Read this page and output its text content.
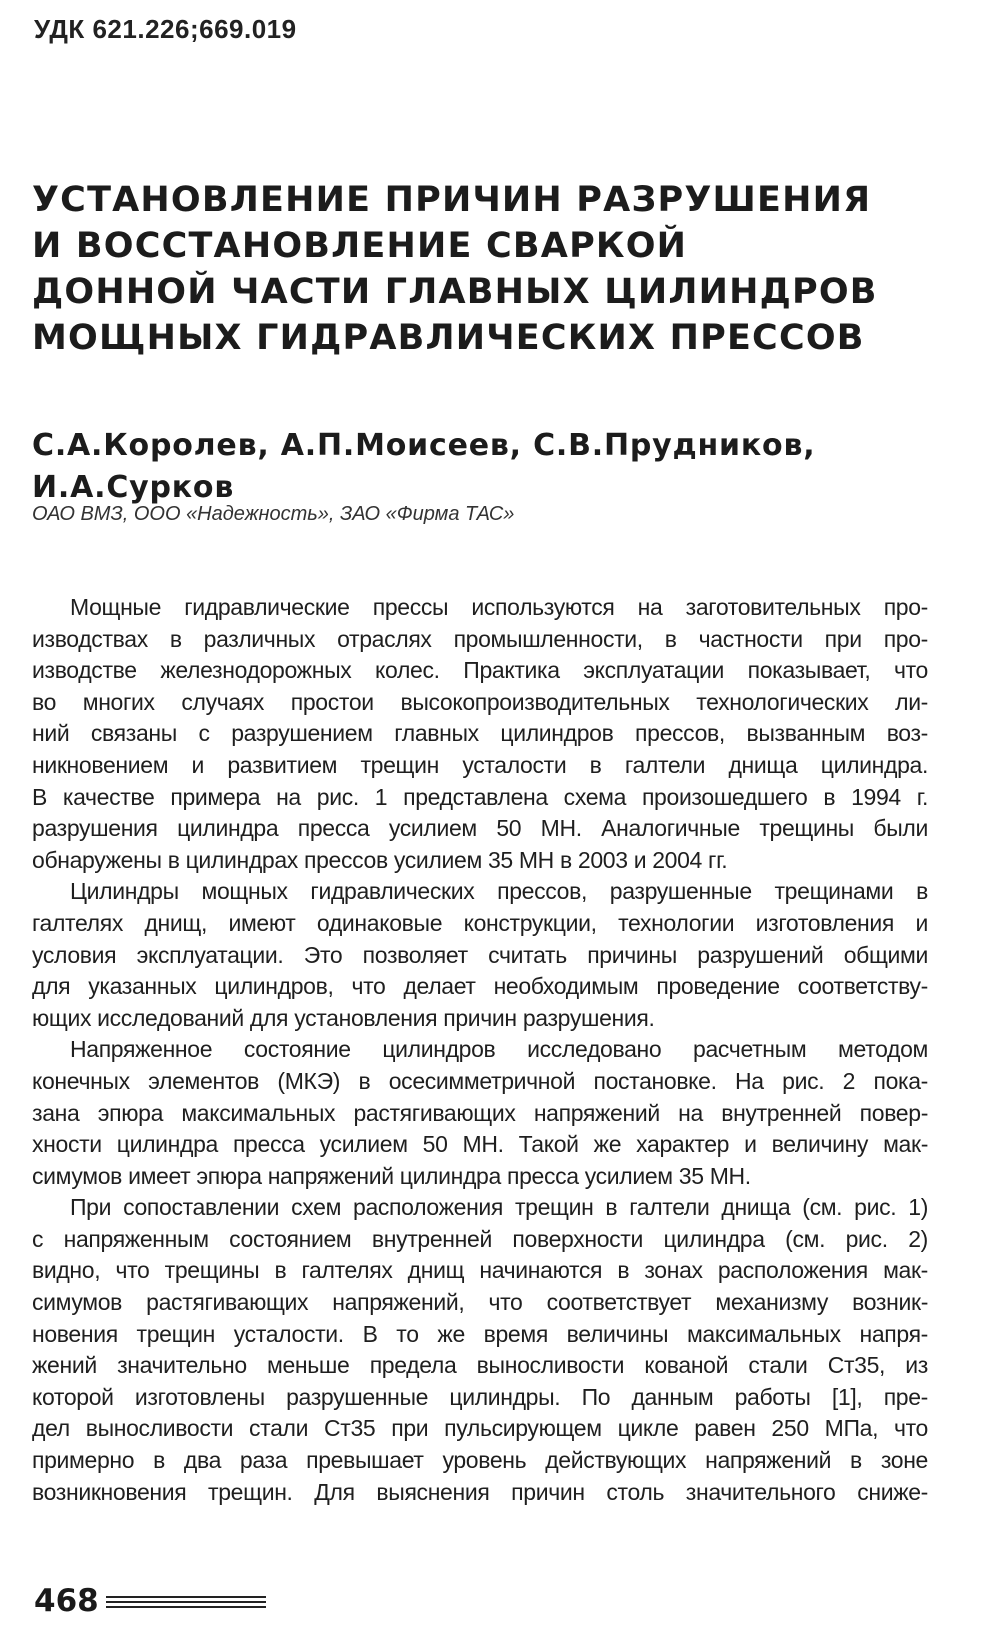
УДК 621.226;669.019
УСТАНОВЛЕНИЕ ПРИЧИН РАЗРУШЕНИЯ
И ВОССТАНОВЛЕНИЕ СВАРКОЙ
ДОННОЙ ЧАСТИ ГЛАВНЫХ ЦИЛИНДРОВ
МОЩНЫХ ГИДРАВЛИЧЕСКИХ ПРЕССОВ
С.А.Королев, А.П.Моисеев, С.В.Прудников,
И.А.Сурков
ОАО ВМЗ, ООО «Надежность», ЗАО «Фирма ТАС»
Мощные гидравлические прессы используются на заготовительных про-
изводствах в различных отраслях промышленности, в частности при про-
изводстве железнодорожных колес. Практика эксплуатации показывает, что
во многих случаях простои высокопроизводительных технологических ли-
ний связаны с разрушением главных цилиндров прессов, вызванным воз-
никновением и развитием трещин усталости в галтели днища цилиндра.
В качестве примера на рис. 1 представлена схема произошедшего в 1994 г.
разрушения цилиндра пресса усилием 50 МН. Аналогичные трещины были
обнаружены в цилиндрах прессов усилием 35 МН в 2003 и 2004 гг.
Цилиндры мощных гидравлических прессов, разрушенные трещинами в
галтелях днищ, имеют одинаковые конструкции, технологии изготовления и
условия эксплуатации. Это позволяет считать причины разрушений общими
для указанных цилиндров, что делает необходимым проведение соответству-
ющих исследований для установления причин разрушения.
Напряженное состояние цилиндров исследовано расчетным методом
конечных элементов (МКЭ) в осесимметричной постановке. На рис. 2 пока-
зана эпюра максимальных растягивающих напряжений на внутренней повер-
хности цилиндра пресса усилием 50 МН. Такой же характер и величину мак-
симумов имеет эпюра напряжений цилиндра пресса усилием 35 МН.
При сопоставлении схем расположения трещин в галтели днища (см. рис. 1)
с напряженным состоянием внутренней поверхности цилиндра (см. рис. 2)
видно, что трещины в галтелях днищ начинаются в зонах расположения мак-
симумов растягивающих напряжений, что соответствует механизму возник-
новения трещин усталости. В то же время величины максимальных напря-
жений значительно меньше предела выносливости кованой стали Ст35, из
которой изготовлены разрушенные цилиндры. По данным работы [1], пре-
дел выносливости стали Ст35 при пульсирующем цикле равен 250 МПа, что
примерно в два раза превышает уровень действующих напряжений в зоне
возникновения трещин. Для выяснения причин столь значительного сниже-
468
